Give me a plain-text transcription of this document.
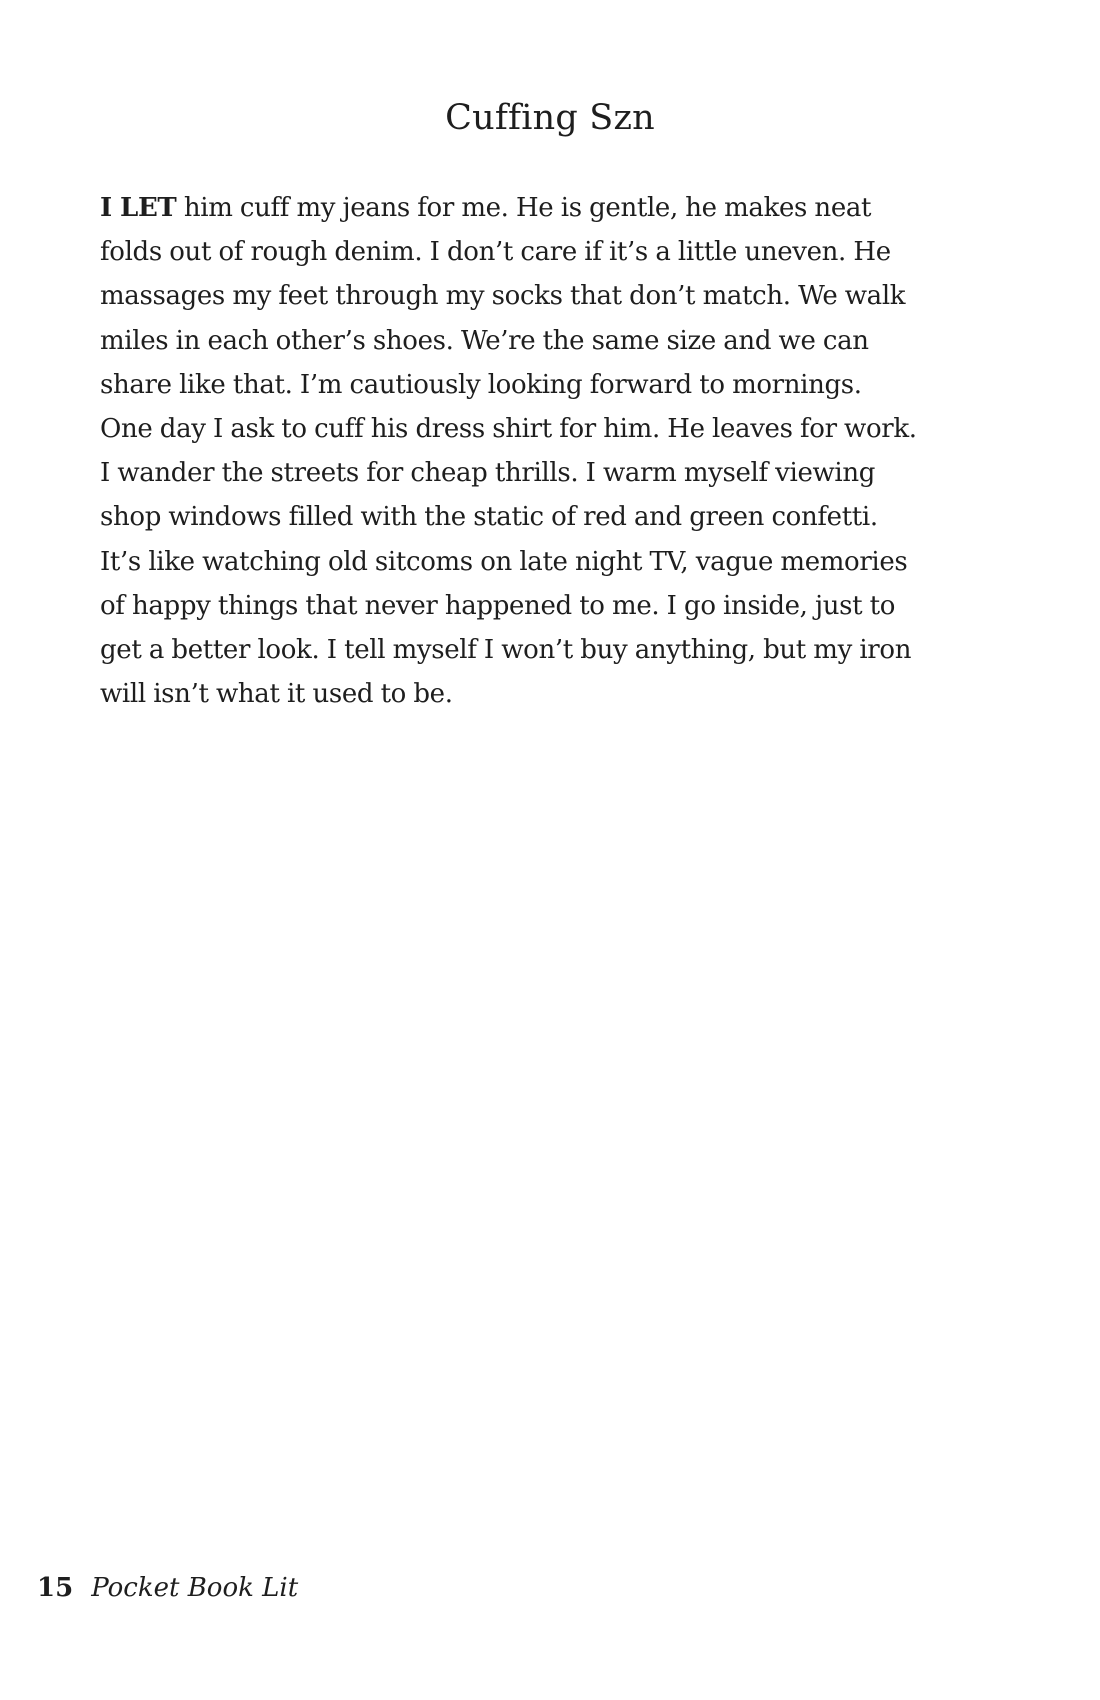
Cuffing Szn

I LET him cuff my jeans for me. He is gentle, he makes neat
folds out of rough denim. I don’t care if it’s a little uneven. He
massages my feet through my socks that don’t match. We walk
miles in each other’s shoes. We’re the same size and we can
share like that. I’m cautiously looking forward to mornings.
One day I ask to cuff his dress shirt for him. He leaves for work.
I wander the streets for cheap thrills. I warm myself viewing
shop windows filled with the static of red and green confetti.
It’s like watching old sitcoms on late night TV, vague memories
of happy things that never happened to me. I go inside, just to
get a better look. I tell myself I won’t buy anything, but my iron
will isn’t what it used to be.

15 Pocket Book Lit
